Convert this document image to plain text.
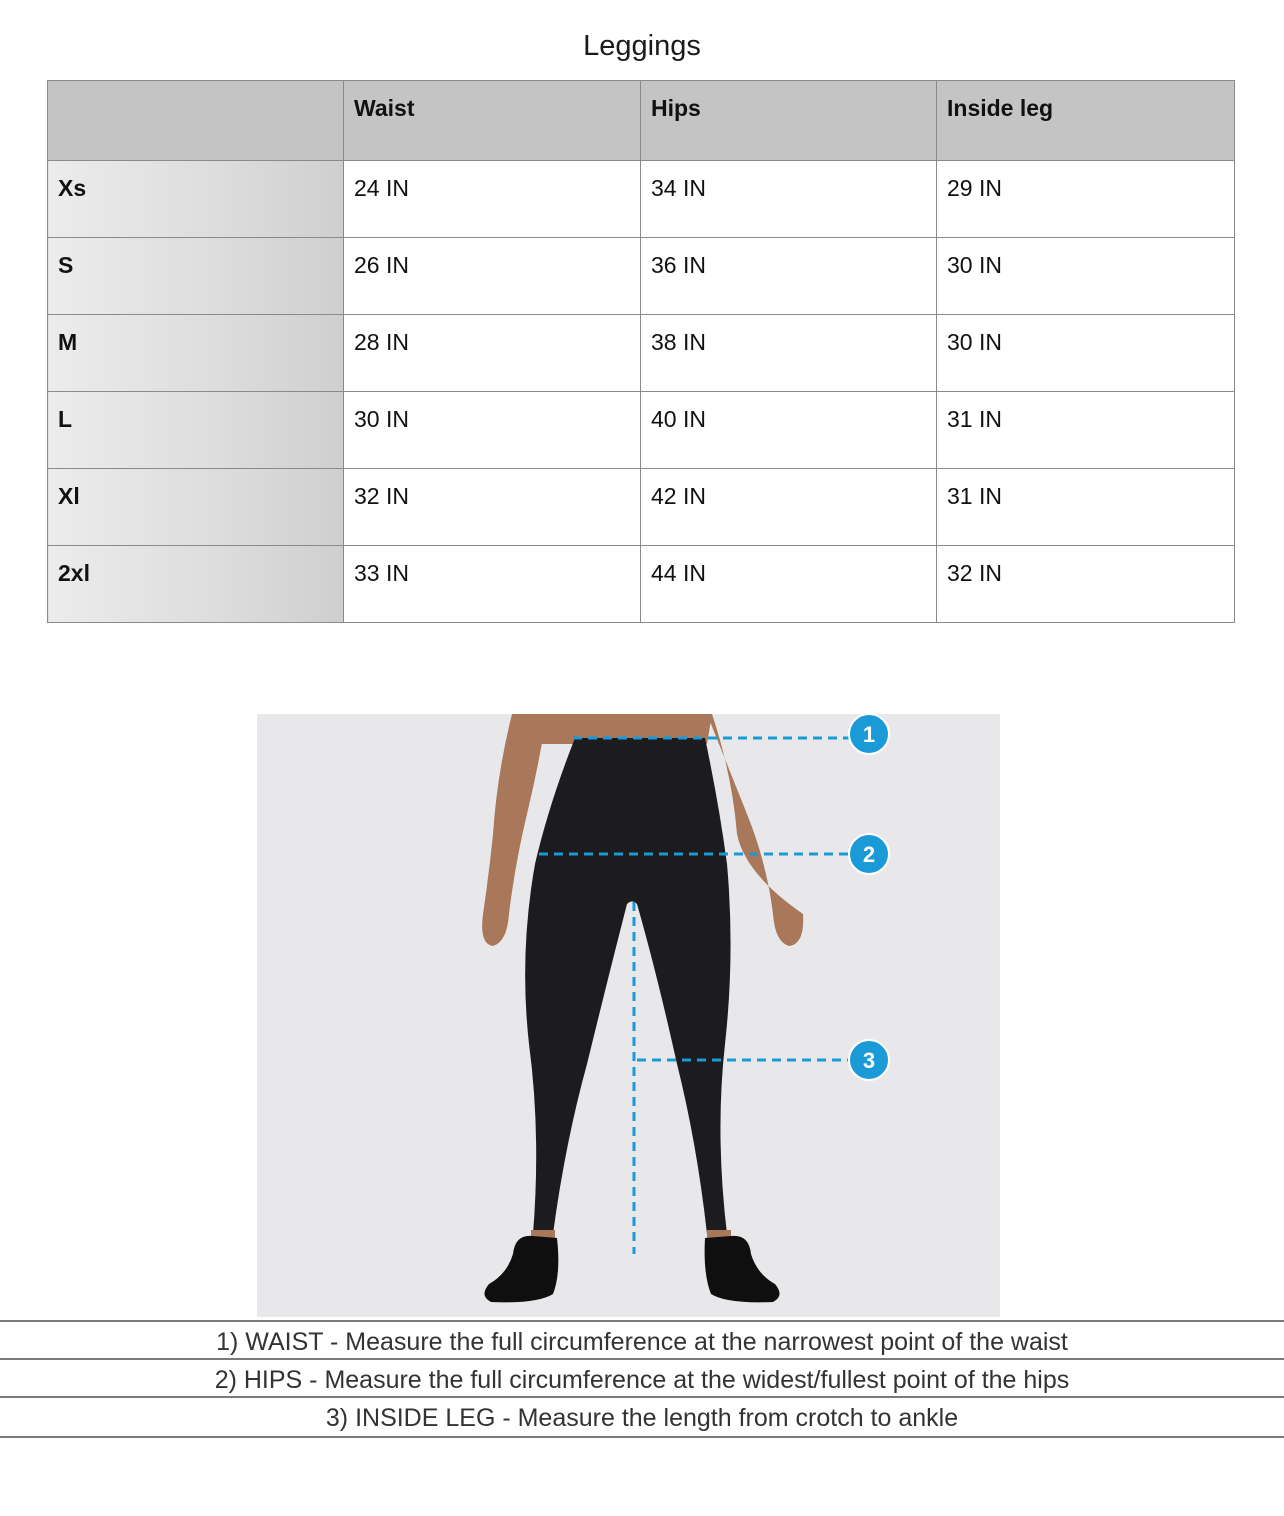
Leggings
	Waist	Hips	Inside leg
Xs	24 IN	34 IN	29 IN
S	26 IN	36 IN	30 IN
M	28 IN	38 IN	30 IN
L	30 IN	40 IN	31 IN
Xl	32 IN	42 IN	31 IN
2xl	33 IN	44 IN	32 IN
1
2
3
1) WAIST - Measure the full circumference at the narrowest point of the waist
2) HIPS - Measure the full circumference at the widest/fullest point of the hips
3) INSIDE LEG - Measure the length from crotch to ankle
